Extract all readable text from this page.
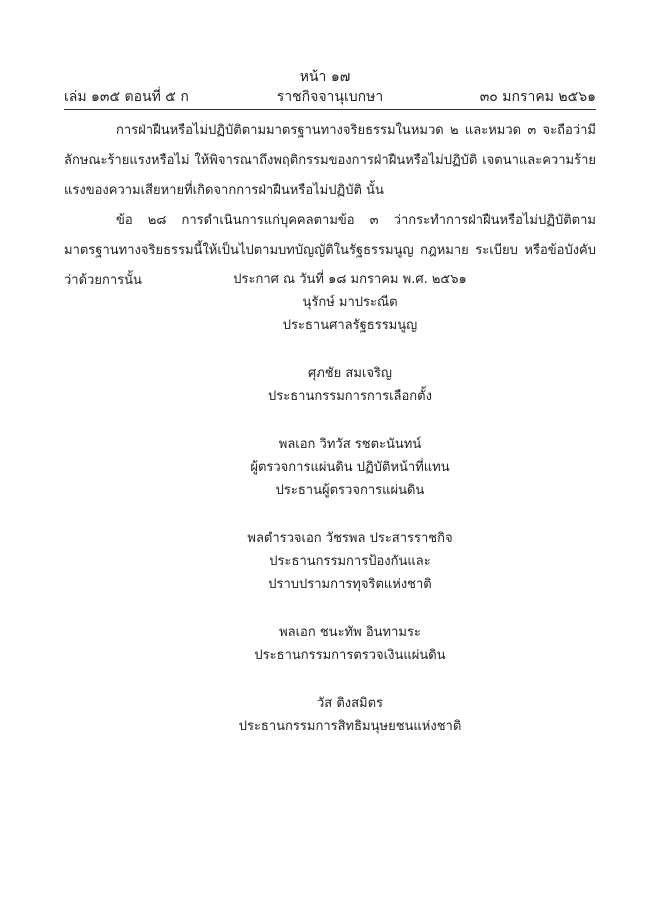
หน้า ๑๗
เล่ม ๑๓๕ ตอนที่ ๕ ก	ราชกิจจานุเบกษา	๓๐ มกราคม ๒๕๖๑

การฝ่าฝืนหรือไม่ปฏิบัติตามมาตรฐานทางจริยธรรมในหมวด ๒ และหมวด ๓ จะถือว่ามีลักษณะร้ายแรงหรือไม่ ให้พิจารณาถึงพฤติกรรมของการฝ่าฝืนหรือไม่ปฏิบัติ เจตนาและความร้ายแรงของความเสียหายที่เกิดจากการฝ่าฝืนหรือไม่ปฏิบัติ นั้น

ข้อ ๒๘ การดำเนินการแก่บุคคลตามข้อ ๓ ว่ากระทำการฝ่าฝืนหรือไม่ปฏิบัติตามมาตรฐานทางจริยธรรมนี้ให้เป็นไปตามบทบัญญัติในรัฐธรรมนูญ กฎหมาย ระเบียบ หรือข้อบังคับว่าด้วยการนั้น	ประกาศ ณ วันที่ ๑๘ มกราคม พ.ศ. ๒๕๖๑
นุรักษ์ มาประณีต
ประธานศาลรัฐธรรมนูญ
ศุภชัย สมเจริญ
ประธานกรรมการการเลือกตั้ง
พลเอก วิทวัส รชตะนันทน์
ผู้ตรวจการแผ่นดิน ปฏิบัติหน้าที่แทน
ประธานผู้ตรวจการแผ่นดิน
พลตำรวจเอก วัชรพล ประสารราชกิจ
ประธานกรรมการป้องกันและ
ปราบปรามการทุจริตแห่งชาติ
พลเอก ชนะทัพ อินทามระ
ประธานกรรมการตรวจเงินแผ่นดิน
วัส ติงสมิตร
ประธานกรรมการสิทธิมนุษยชนแห่งชาติ
